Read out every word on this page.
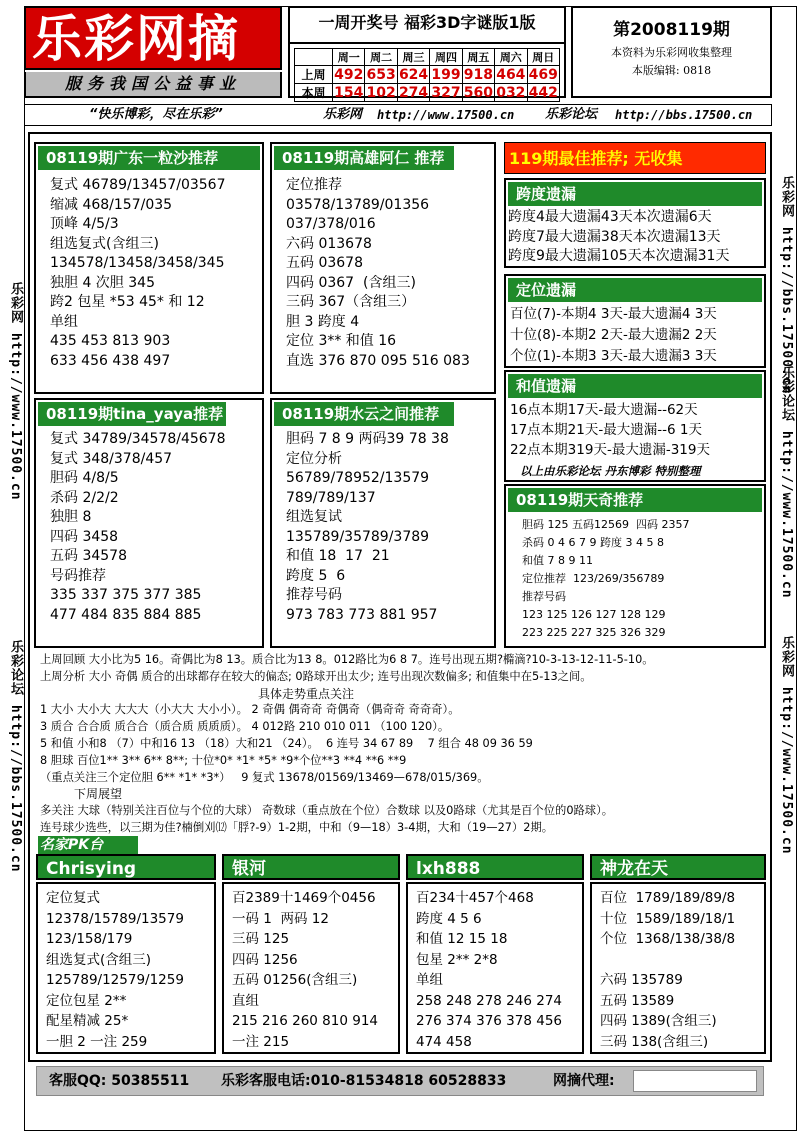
乐彩网摘
服务我国公益事业
一周开奖号 福彩3D字谜版1版
	周一	周二	周三	周四	周五	周六	周日
上周	492	653	624	199	918	464	469
本周	154	102	274	327	560	032	442
第2008119期
本资料为乐彩网收集整理
本版编辑: 0818
“快乐博彩，尽在乐彩”	乐彩网 http://www.17500.cn 乐彩论坛 http://bbs.17500.cn
乐彩网 http://www.17500.cn
乐彩论坛 http://bbs.17500.cn
乐彩网 http://bbs.17500.cn
乐彩论坛 http://www.17500.cn
乐彩网 http://www.17500.cn
08119期广东一粒沙推荐
复式 46789/13457/03567
缩减 468/157/035
顶峰 4/5/3
组选复式(含组三)
134578/13458/3458/345
独胆 4 次胆 345
跨2 包星 *53 45* 和 12
单组
435 453 813 903
633 456 438 497
08119期高雄阿仁 推荐
定位推荐
03578/13789/01356
037/378/016
六码 013678
五码 03678
四码 0367  (含组三)
三码 367（含组三）
胆 3 跨度 4
定位 3** 和值 16
直选 376 870 095 516 083
08119期tina_yaya推荐
复式 34789/34578/45678
复式 348/378/457
胆码 4/8/5
杀码 2/2/2
独胆 8
四码 3458
五码 34578
号码推荐
335 337 375 377 385
477 484 835 884 885
08119期水云之间推荐
胆码 7 8 9 两码39 78 38
定位分析
56789/78952/13579
789/789/137
组选复试
135789/35789/3789
和值 18  17  21
跨度 5  6
推荐号码
973 783 773 881 957
119期最佳推荐; 无收集
跨度遗漏
跨度4最大遗漏43天本次遗漏6天
跨度7最大遗漏38天本次遗漏13天
跨度9最大遗漏105天本次遗漏31天
定位遗漏
百位(7)-本期4 3天-最大遗漏4 3天
十位(8)-本期2 2天-最大遗漏2 2天
个位(1)-本期3 3天-最大遗漏3 3天
和值遗漏
16点本期17天-最大遗漏--62天
17点本期21天-最大遗漏--6 1天
22点本期319天-最大遗漏-319天
以上由乐彩论坛 丹东博彩 特别整理
08119期天奇推荐
胆码 125 五码12569  四码 2357
杀码 0 4 6 7 9 跨度 3 4 5 8
和值 7 8 9 11
定位推荐  123/269/356789
推荐号码
123 125 126 127 128 129
223 225 227 325 326 329
上周回顾 大小比为5 16。奇偶比为8 13。质合比为13 8。012路比为6 8 7。连号出现五期?橢滴?10-3-13-12-11-5-10。
上周分析 大小 奇偶 质合的出球都存在较大的偏态; 0路球开出太少; 连号出现次数偏多; 和值集中在5-13之间。
具体走势重点关注
1 大小 大小大 大大大（小大大 大小小）。 2 奇偶 偶奇奇 奇偶奇（偶奇奇 奇奇奇）。
3 质合 合合质 质合合（质合质 质质质）。 4 012路 210 010 011 （100 120）。
5 和值 小和8 （7）中和16 13 （18）大和21 （24）。  6 连号 34 67 89    7 组合 48 09 36 59
8 胆球 百位1** 3** 6** 8**; 十位*0* *1* *5* *9*个位**3 **4 **6 **9
（重点关注三个定位胆 6** *1* *3*）   9 复式 13678/01569/13469—678/015/369。
下周展望
多关注 大球（特别关注百位与个位的大球） 奇数球（重点放在个位）合数球 以及0路球（尤其是百个位的0路球）。
连号球少选些，以三期为佳?楠倒刈⑿「脬?-9）1-2期，中和（9—18）3-4期，大和（19—27）2期。
名家PK台
Chrisying
定位复式
12378/15789/13579
123/158/179
组选复式(含组三)
125789/12579/1259
定位包星 2**
配星精减 25*
一胆 2 一注 259
银河
百2389十1469个0456
一码 1  两码 12
三码 125
四码 1256
五码 01256(含组三)
直组
215 216 260 810 914
一注 215
lxh888
百234十457个468
跨度 4 5 6
和值 12 15 18
包星 2** 2*8
单组
258 248 278 246 274
276 374 376 378 456
474 458
神龙在天
百位  1789/189/89/8
十位  1589/189/18/1
个位  1368/138/38/8

六码 135789
五码 13589
四码 1389(含组三)
三码 138(含组三)
客服QQ: 50385511 乐彩客服电话:010-81534818 60528833	网摘代理:
